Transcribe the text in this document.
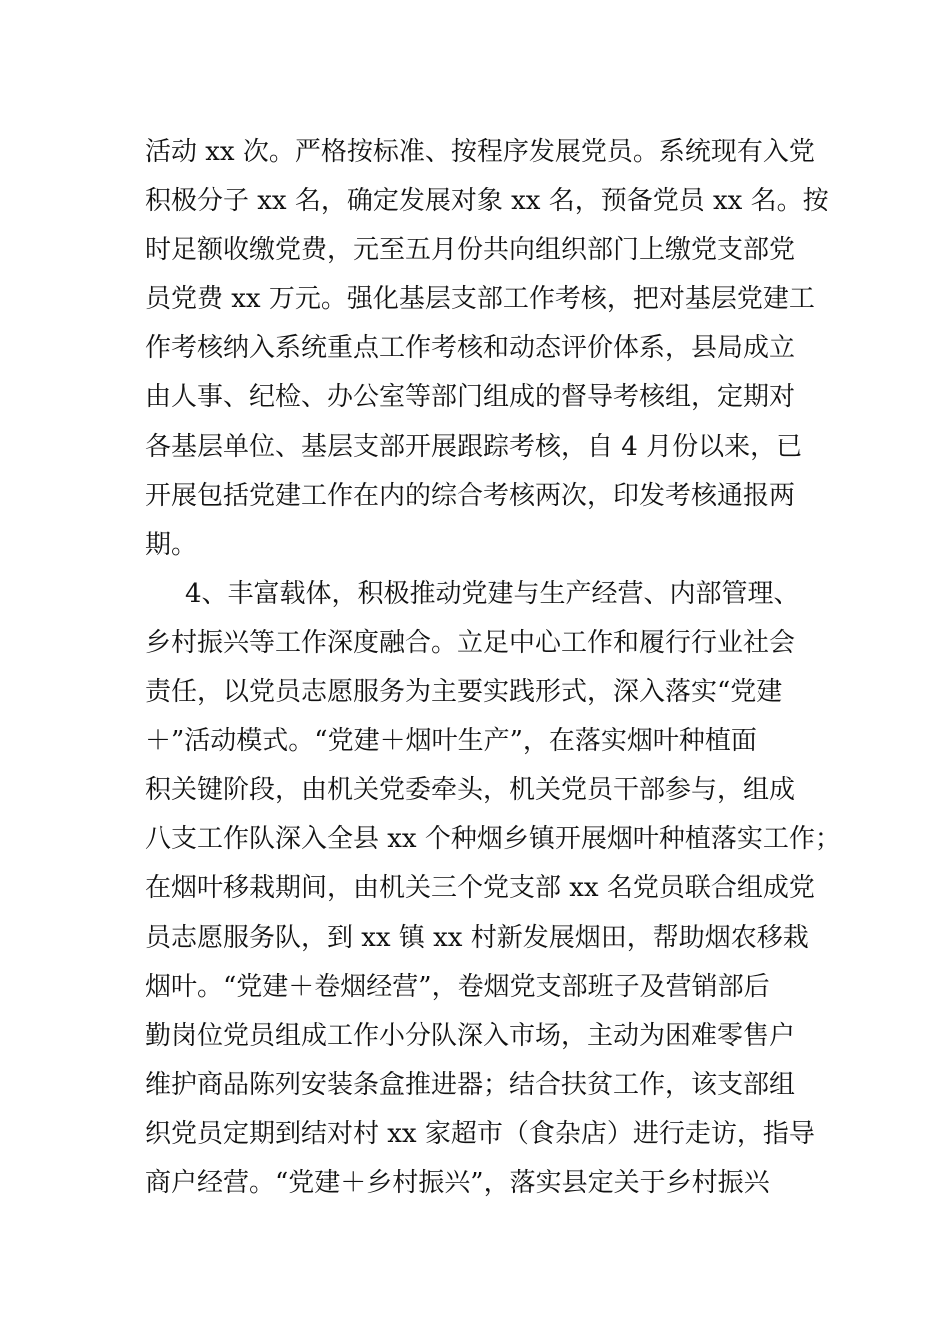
活动 xx 次。严格按标准、按程序发展党员。系统现有入党
积极分子 xx 名，确定发展对象 xx 名，预备党员 xx 名。按
时足额收缴党费，元至五月份共向组织部门上缴党支部党
员党费 xx 万元。强化基层支部工作考核，把对基层党建工
作考核纳入系统重点工作考核和动态评价体系，县局成立
由人事、纪检、办公室等部门组成的督导考核组，定期对
各基层单位、基层支部开展跟踪考核，自 4 月份以来，已
开展包括党建工作在内的综合考核两次，印发考核通报两
期。
4、丰富载体，积极推动党建与生产经营、内部管理、
乡村振兴等工作深度融合。立足中心工作和履行行业社会
责任，以党员志愿服务为主要实践形式，深入落实“党建
＋”活动模式。“党建＋烟叶生产”，在落实烟叶种植面
积关键阶段，由机关党委牵头，机关党员干部参与，组成
八支工作队深入全县 xx 个种烟乡镇开展烟叶种植落实工作；
在烟叶移栽期间，由机关三个党支部 xx 名党员联合组成党
员志愿服务队，到 xx 镇 xx 村新发展烟田，帮助烟农移栽
烟叶。“党建＋卷烟经营”，卷烟党支部班子及营销部后
勤岗位党员组成工作小分队深入市场，主动为困难零售户
维护商品陈列安装条盒推进器；结合扶贫工作，该支部组
织党员定期到结对村 xx 家超市（食杂店）进行走访，指导
商户经营。“党建＋乡村振兴”，落实县定关于乡村振兴
